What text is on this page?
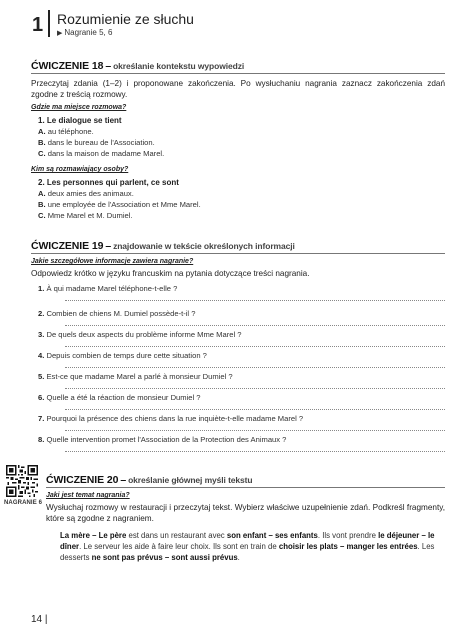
1 Rozumienie ze słuchu
▶ Nagranie 5, 6
ĆWICZENIE 18 – określanie kontekstu wypowiedzi
Przeczytaj zdania (1–2) i proponowane zakończenia. Po wysłuchaniu nagrania zaznacz zakończenia zdań zgodne z treścią rozmowy.
Gdzie ma miejsce rozmowa?
1. Le dialogue se tient
A. au téléphone.
B. dans le bureau de l'Association.
C. dans la maison de madame Marel.
Kim są rozmawiający osoby?
2. Les personnes qui parlent, ce sont
A. deux amies des animaux.
B. une employée de l'Association et Mme Marel.
C. Mme Marel et M. Dumiel.
ĆWICZENIE 19 – znajdowanie w tekście określonych informacji
Jakie szczegółowe informacje zawiera nagranie?
Odpowiedz krótko w języku francuskim na pytania dotyczące treści nagrania.
1. À qui madame Marel téléphone-t-elle ?
2. Combien de chiens M. Dumiel possède-t-il ?
3. De quels deux aspects du problème informe Mme Marel ?
4. Depuis combien de temps dure cette situation ?
5. Est-ce que madame Marel a parlé à monsieur Dumiel ?
6. Quelle a été la réaction de monsieur Dumiel ?
7. Pourquoi la présence des chiens dans la rue inquiète-t-elle madame Marel ?
8. Quelle intervention promet l'Association de la Protection des Animaux ?
NAGRANIE 6
ĆWICZENIE 20 – określanie głównej myśli tekstu
Jaki jest temat nagrania?
Wysłuchaj rozmowy w restauracji i przeczytaj tekst. Wybierz właściwe uzupełnienie zdań. Podkreśl fragmenty, które są zgodne z nagraniem.
La mère – Le père est dans un restaurant avec son enfant – ses enfants. Ils vont prendre le déjeuner – le dîner. Le serveur les aide à faire leur choix. Ils sont en train de choisir les plats – manger les entrées. Les desserts ne sont pas prévus – sont aussi prévus.
14 |
